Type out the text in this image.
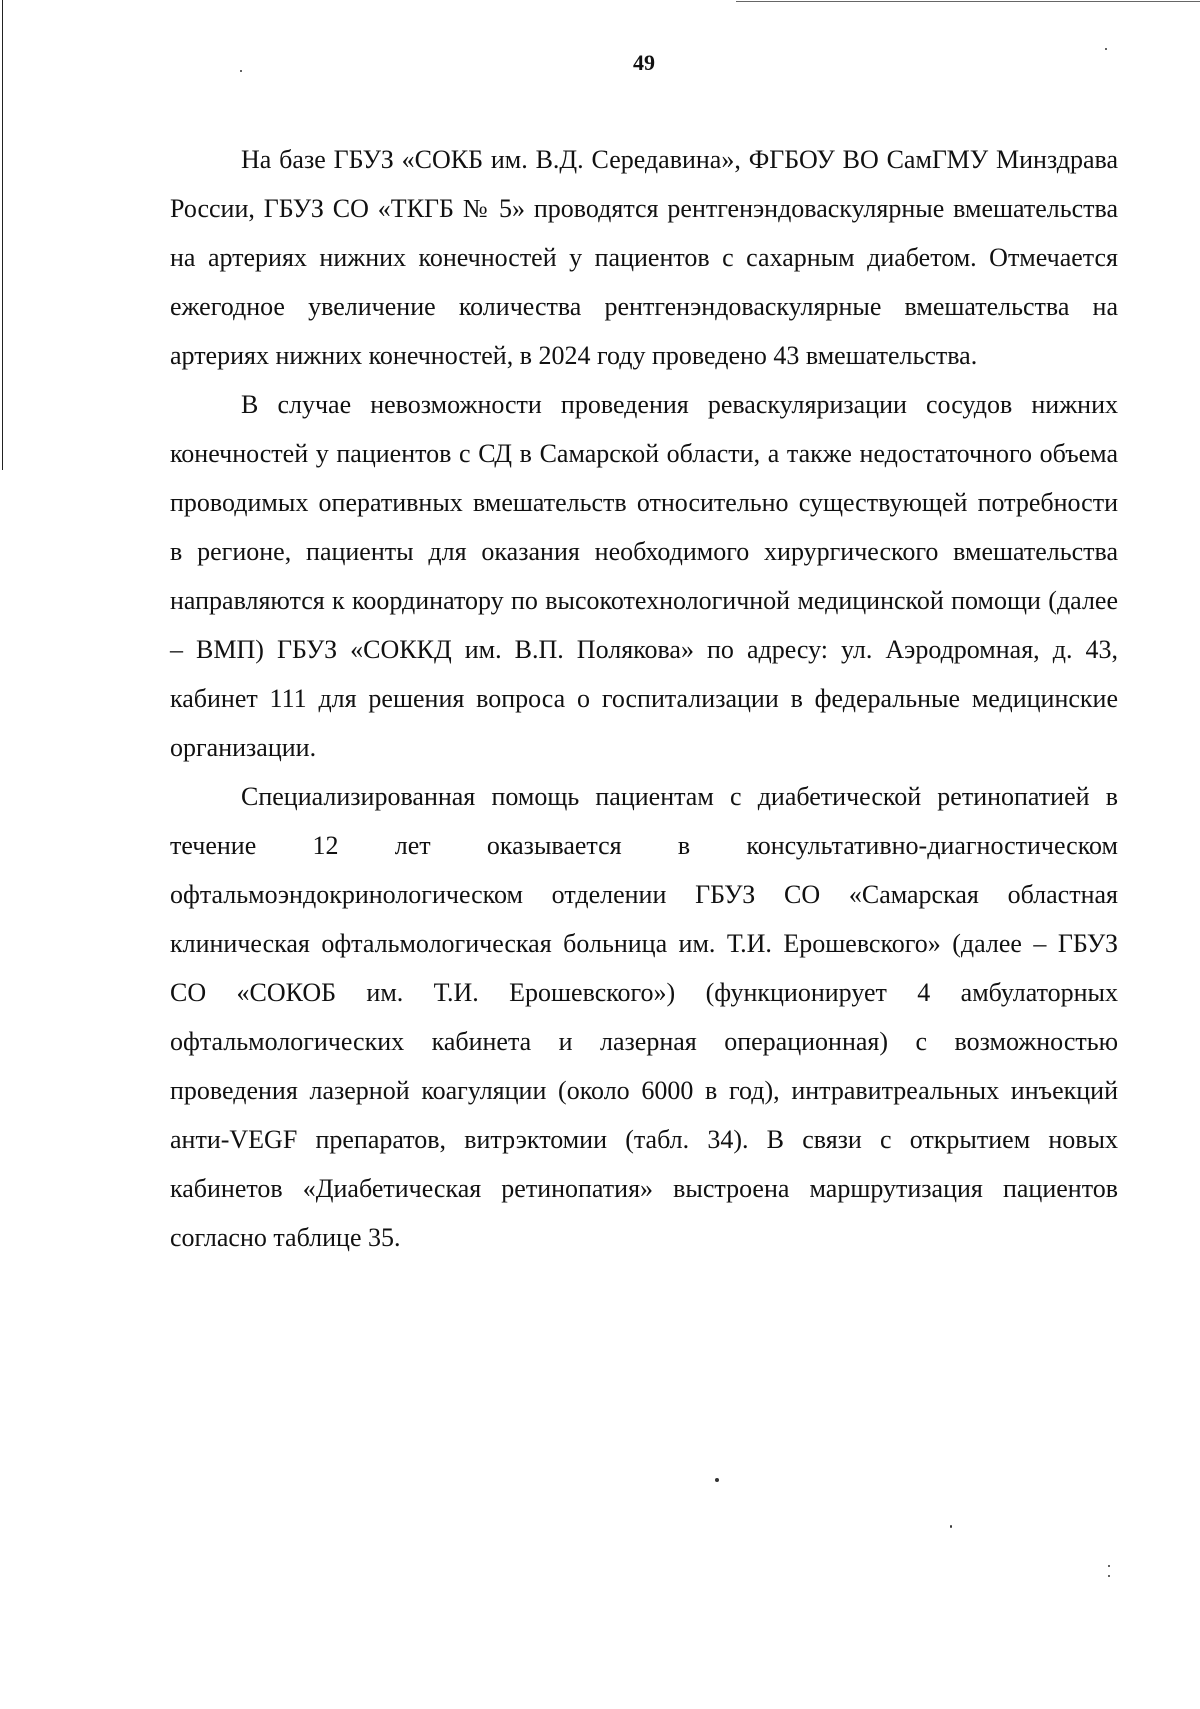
49

На базе ГБУЗ «СОКБ им. В.Д. Середавина», ФГБОУ ВО СамГМУ Минздрава России, ГБУЗ СО «ТКГБ № 5» проводятся рентгенэндоваскулярные вмешательства на артериях нижних конечностей у пациентов с сахарным диабетом. Отмечается ежегодное увеличение количества рентгенэндоваскулярные вмешательства на артериях нижних конечностей, в 2024 году проведено 43 вмешательства.

В случае невозможности проведения реваскуляризации сосудов нижних конечностей у пациентов с СД в Самарской области, а также недостаточного объема проводимых оперативных вмешательств относительно существующей потребности в регионе, пациенты для оказания необходимого хирургического вмешательства направляются к координатору по высокотехнологичной медицинской помощи (далее – ВМП) ГБУЗ «СОККД им. В.П. Полякова» по адресу: ул. Аэродромная, д. 43, кабинет 111 для решения вопроса о госпитализации в федеральные медицинские организации.

Специализированная помощь пациентам с диабетической ретинопатией в течение 12 лет оказывается в консультативно-диагностическом офтальмоэндокринологическом отделении ГБУЗ СО «Самарская областная клиническая офтальмологическая больница им. Т.И. Ерошевского» (далее – ГБУЗ СО «СОКОБ им. Т.И. Ерошевского») (функционирует 4 амбулаторных офтальмологических кабинета и лазерная операционная) с возможностью проведения лазерной коагуляции (около 6000 в год), интравитреальных инъекций анти-VEGF препаратов, витрэктомии (табл. 34). В связи с открытием новых кабинетов «Диабетическая ретинопатия» выстроена маршрутизация пациентов согласно таблице 35.
